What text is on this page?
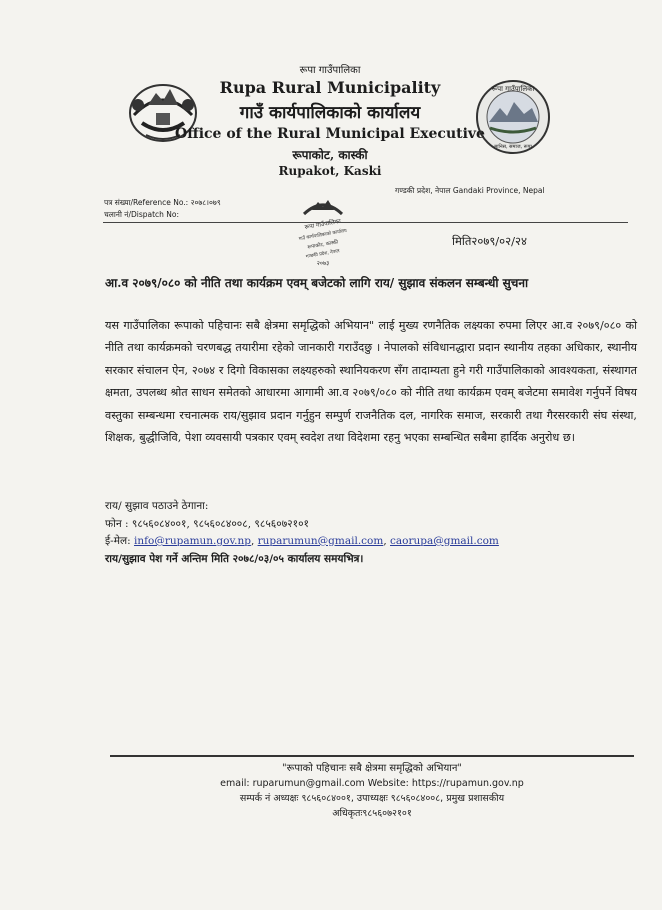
रूपा गाउँपालिका
मानिस, समाज, रूपा
रूपा गाउँपालिका
Rupa Rural Municipality
गाउँ कार्यपालिकाको कार्यालय
Office of the Rural Municipal Executive
रूपाकोट, कास्की
Rupakot, Kaski
गण्डकी प्रदेश, नेपाल Gandaki Province, Nepal
पत्र संख्या/Reference No.: २०७८।०७९
चलानी नं/Dispatch No:
रूपा गाउँपालिका
गाउँ कार्यपालिकाको कार्यालय
रूपाकोट, कास्की
गण्डकी प्रदेश, नेपाल
२०७३
मिति२०७९/०२/२४
आ.व २०७९/०८० को नीति तथा कार्यक्रम एवम् बजेटको लागि राय/ सुझाव संकलन सम्बन्धी सुचना
यस गाउँपालिका रूपाको पहिचानः सबै क्षेत्रमा समृद्धिको अभियान" लाई मुख्य रणनैतिक लक्ष्यका रुपमा लिएर आ.व २०७९/०८० को नीति तथा कार्यक्रमको चरणबद्ध तयारीमा रहेको जानकारी गराउँदछु । नेपालको संविधानद्धारा प्रदान स्थानीय तहका अधिकार, स्थानीय सरकार संचालन ऐन, २०७४ र दिगो विकासका लक्ष्यहरुको स्थानियकरण सँग तादाम्यता हुने गरी गाउँपालिकाको आवश्यकता, संस्थागत क्षमता, उपलब्ध श्रोत साधन समेतको आधारमा आगामी आ.व २०७९/०८० को नीति तथा कार्यक्रम एवम् बजेटमा समावेश गर्नुपर्ने विषय वस्तुका सम्बन्धमा रचनात्मक राय/सुझाव प्रदान गर्नुहुन सम्पुर्ण राजनैतिक दल, नागरिक समाज, सरकारी तथा गैरसरकारी संघ संस्था, शिक्षक, बुद्धीजिवि, पेशा व्यवसायी पत्रकार एवम् स्वदेश तथा विदेशमा रहनु भएका सम्बन्धित सबैमा हार्दिक अनुरोध छ।
राय/ सुझाव पठाउने ठेगाना:
फोन : ९८५६०८४००१, ९८५६०८४००८, ९८५६०७२१०१
ई-मेल: info@rupamun.gov.np, ruparumun@gmail.com, caorupa@gmail.com
राय/सुझाव पेश गर्ने अन्तिम मिति २०७८/०३/०५ कार्यालय समयभित्र।
"रूपाको पहिचानः सबै क्षेत्रमा समृद्धिको अभियान"
email: ruparumun@gmail.com Website: https://rupamun.gov.np
सम्पर्क नं अध्यक्षः ९८५६०८४००१, उपाध्यक्षः ९८५६०८४००८, प्रमुख प्रशासकीय
अधिकृतः९८५६०७२१०१
